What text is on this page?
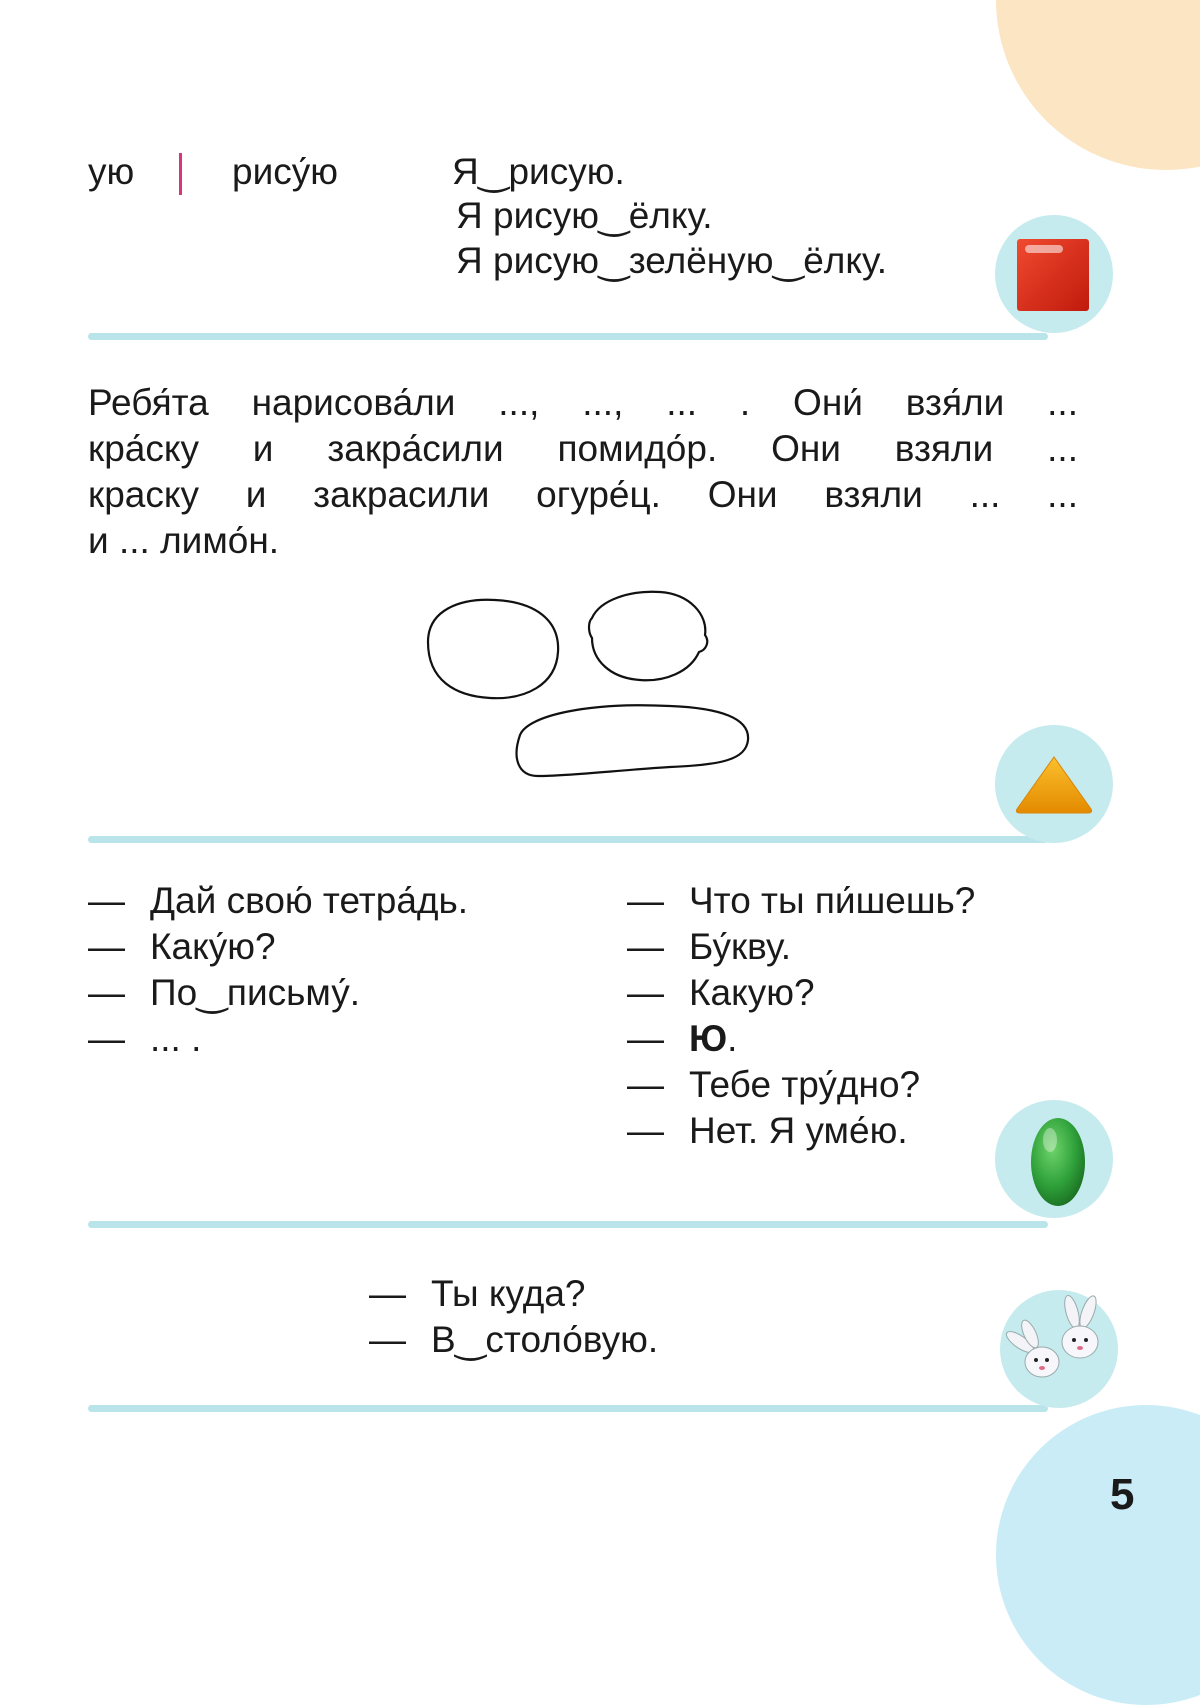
5
ую	рису́ю	Я‿рисую.
Я рисую‿ёлку.
Я рисую‿зелёную‿ёлку.
Ребя́та нарисова́ли ..., ..., ... . Они́ взя́ли ...
кра́ску и закра́сили помидо́р. Они взяли ...
краску и закрасили огуре́ц. Они взяли ... ...
и ... лимо́н.
— Дай свою́ тетра́дь.
— Каку́ю?
— По‿письму́.
— ... .
— Что ты пи́шешь?
— Бу́кву.
— Какую?
— Ю.
— Тебе тру́дно?
— Нет. Я уме́ю.
— Ты куда?
— В‿столо́вую.
